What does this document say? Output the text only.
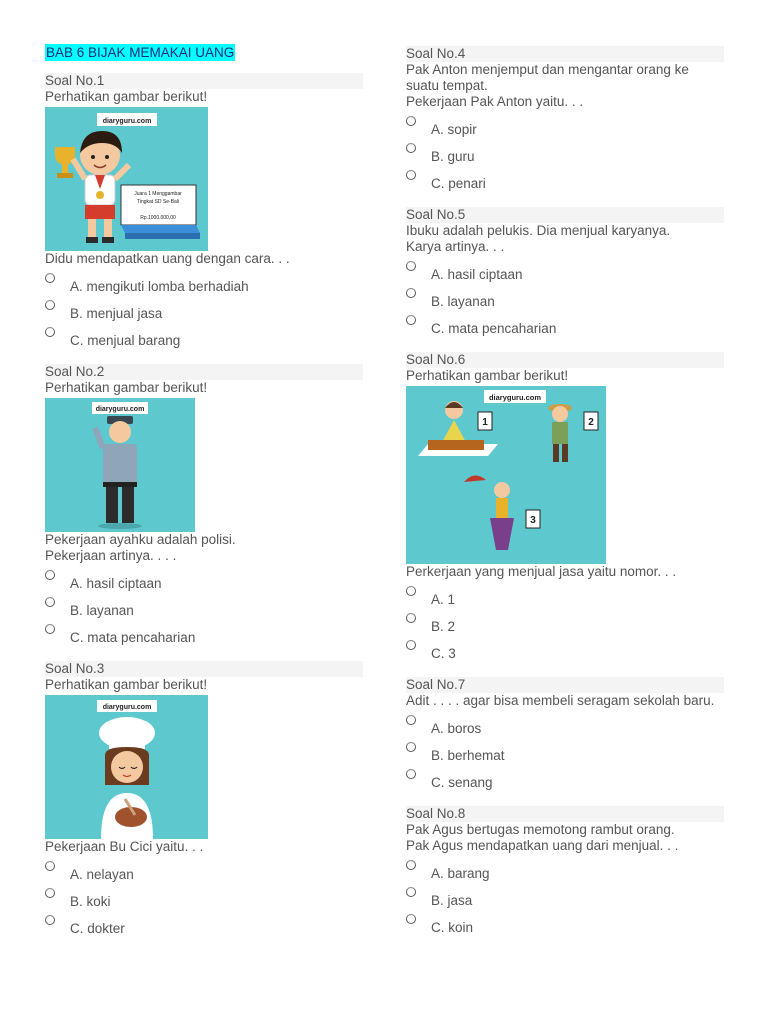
BAB 6 BIJAK MEMAKAI UANG
Soal No.1
Perhatikan gambar berikut!
diaryguru.com
Juara 1 Menggambar
Tingkat SD Se-Bali
Rp.1000.000,00
Didu mendapatkan uang dengan cara. . .
A. mengikuti lomba berhadiah
B. menjual jasa
C. menjual barang
Soal No.2
Perhatikan gambar berikut!
diaryguru.com
Pekerjaan ayahku adalah polisi.
Pekerjaan artinya. . . .
A. hasil ciptaan
B. layanan
C. mata pencaharian
Soal No.3
Perhatikan gambar berikut!
diaryguru.com
Pekerjaan Bu Cici yaitu. . .
A. nelayan
B. koki
C. dokter
Soal No.4
Pak Anton menjemput dan mengantar orang ke
suatu tempat.
Pekerjaan Pak Anton yaitu. . .
A. sopir
B. guru
C. penari
Soal No.5
Ibuku adalah pelukis. Dia menjual karyanya.
Karya artinya. . .
A. hasil ciptaan
B. layanan
C. mata pencaharian
Soal No.6
Perhatikan gambar berikut!
diaryguru.com
1	2
3
Perkerjaan yang menjual jasa yaitu nomor. . .
A. 1
B. 2
C. 3
Soal No.7
Adit . . . . agar bisa membeli seragam sekolah baru.
A. boros
B. berhemat
C. senang
Soal No.8
Pak Agus bertugas memotong rambut orang.
Pak Agus mendapatkan uang dari menjual. . .
A. barang
B. jasa
C. koin
